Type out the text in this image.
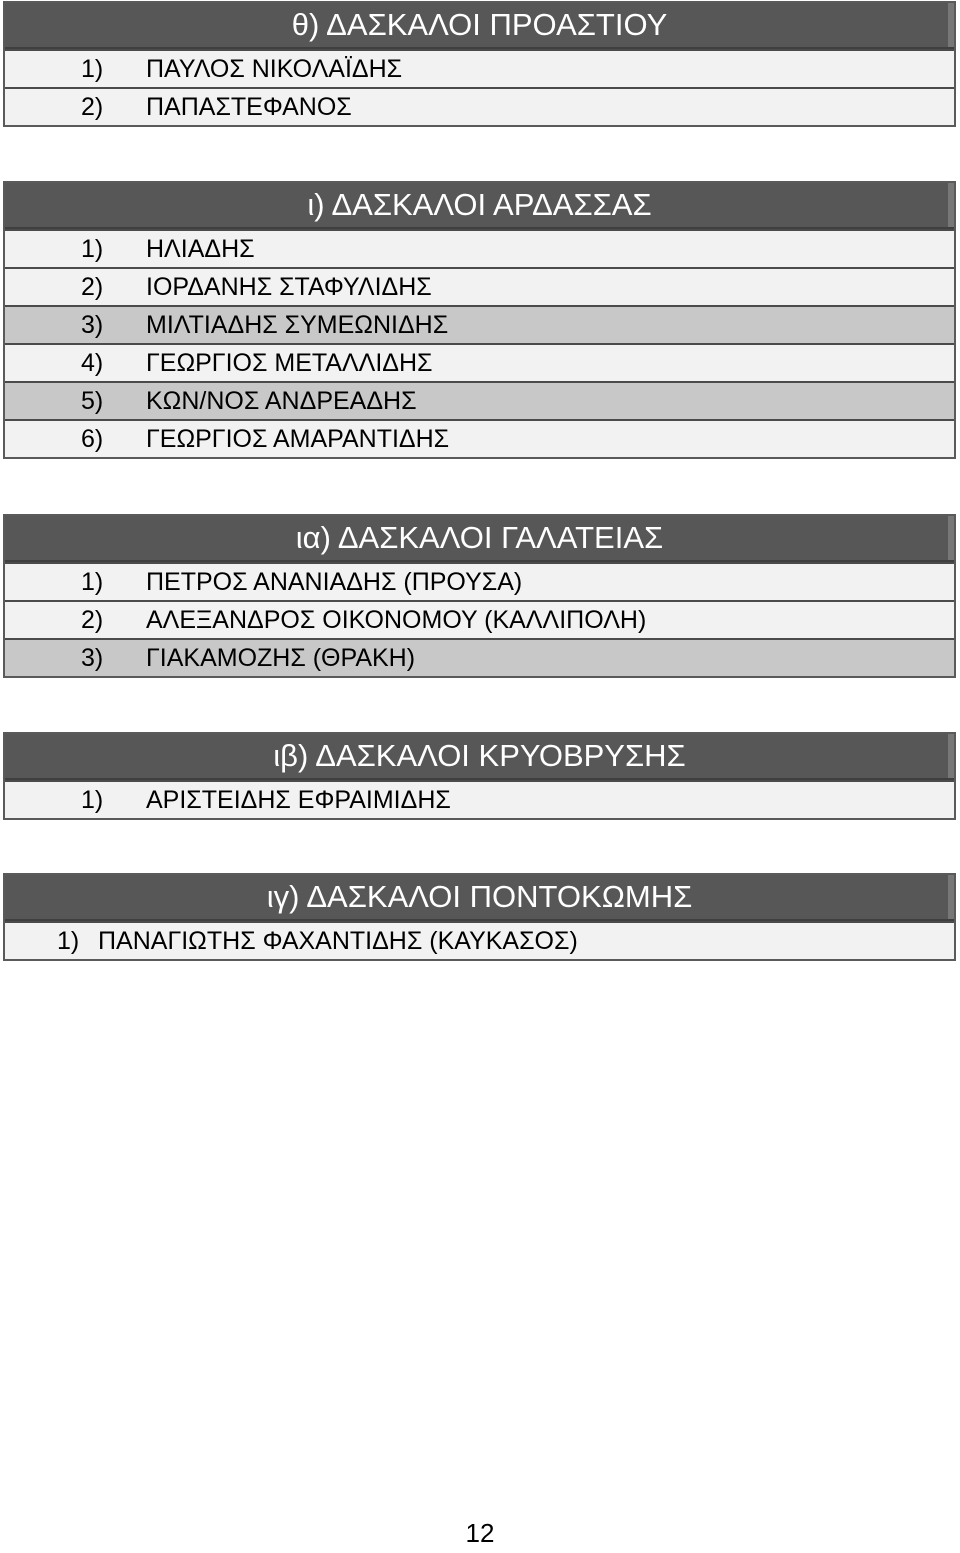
θ) ΔΑΣΚΑΛΟΙ ΠΡΟΑΣΤΙΟΥ
1) ΠΑΥΛΟΣ ΝΙΚΟΛΑΪΔΗΣ
2) ΠΑΠΑΣΤΕΦΑΝΟΣ
ι) ΔΑΣΚΑΛΟΙ ΑΡΔΑΣΣΑΣ
1) ΗΛΙΑΔΗΣ
2) ΙΟΡΔΑΝΗΣ ΣΤΑΦΥΛΙΔΗΣ
3) ΜΙΛΤΙΑΔΗΣ ΣΥΜΕΩΝΙΔΗΣ
4) ΓΕΩΡΓΙΟΣ ΜΕΤΑΛΛΙΔΗΣ
5) ΚΩΝ/ΝΟΣ ΑΝΔΡΕΑΔΗΣ
6) ΓΕΩΡΓΙΟΣ ΑΜΑΡΑΝΤΙΔΗΣ
ια) ΔΑΣΚΑΛΟΙ ΓΑΛΑΤΕΙΑΣ
1) ΠΕΤΡΟΣ ΑΝΑΝΙΑΔΗΣ (ΠΡΟΥΣΑ)
2) ΑΛΕΞΑΝΔΡΟΣ ΟΙΚΟΝΟΜΟΥ (ΚΑΛΛΙΠΟΛΗ)
3) ΓΙΑΚΑΜΟΖΗΣ (ΘΡΑΚΗ)
ιβ) ΔΑΣΚΑΛΟΙ ΚΡΥΟΒΡΥΣΗΣ
1) ΑΡΙΣΤΕΙΔΗΣ ΕΦΡΑΙΜΙΔΗΣ
ιγ) ΔΑΣΚΑΛΟΙ ΠΟΝΤΟΚΩΜΗΣ
1) ΠΑΝΑΓΙΩΤΗΣ ΦΑΧΑΝΤΙΔΗΣ (ΚΑΥΚΑΣΟΣ)
12
